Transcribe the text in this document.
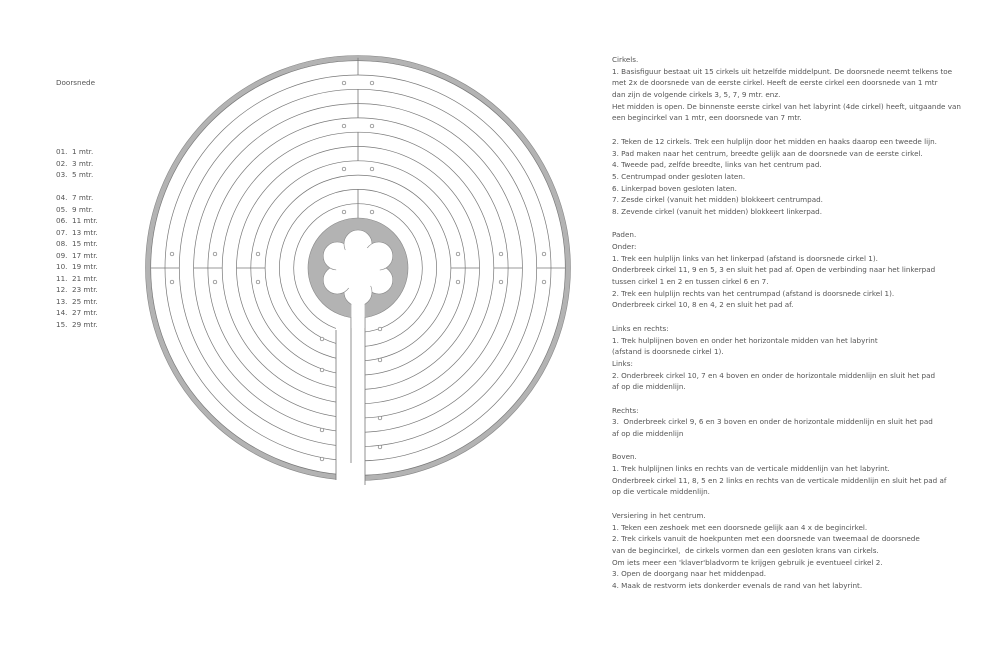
Doorsnede

01.  1 mtr.
02.  3 mtr.
03.  5 mtr.
04.  7 mtr.
05.  9 mtr.
06.  11 mtr.
07.  13 mtr.
08.  15 mtr.
09.  17 mtr.
10.  19 mtr.
11.  21 mtr.
12.  23 mtr.
13.  25 mtr.
14.  27 mtr.
15.  29 mtr.

Cirkels.
1. Basisfiguur bestaat uit 15 cirkels uit hetzelfde middelpunt. De doorsnede neemt telkens toe
met 2x de doorsnede van de eerste cirkel. Heeft de eerste cirkel een doorsnede van 1 mtr
dan zijn de volgende cirkels 3, 5, 7, 9 mtr. enz.
Het midden is open. De binnenste eerste cirkel van het labyrint (4de cirkel) heeft, uitgaande van
een begincirkel van 1 mtr, een doorsnede van 7 mtr.
2. Teken de 12 cirkels. Trek een hulplijn door het midden en haaks daarop een tweede lijn.
3. Pad maken naar het centrum, breedte gelijk aan de doorsnede van de eerste cirkel.
4. Tweede pad, zelfde breedte, links van het centrum pad.
5. Centrumpad onder gesloten laten.
6. Linkerpad boven gesloten laten.
7. Zesde cirkel (vanuit het midden) blokkeert centrumpad.
8. Zevende cirkel (vanuit het midden) blokkeert linkerpad.
Paden.
Onder:
1. Trek een hulplijn links van het linkerpad (afstand is doorsnede cirkel 1).
Onderbreek cirkel 11, 9 en 5, 3 en sluit het pad af. Open de verbinding naar het linkerpad
tussen cirkel 1 en 2 en tussen cirkel 6 en 7.
2. Trek een hulplijn rechts van het centrumpad (afstand is doorsnede cirkel 1).
Onderbreek cirkel 10, 8 en 4, 2 en sluit het pad af.
Links en rechts:
1. Trek hulplijnen boven en onder het horizontale midden van het labyrint
(afstand is doorsnede cirkel 1).
Links:
2. Onderbreek cirkel 10, 7 en 4 boven en onder de horizontale middenlijn en sluit het pad
af op die middenlijn.
Rechts:
3.  Onderbreek cirkel 9, 6 en 3 boven en onder de horizontale middenlijn en sluit het pad
af op die middenlijn
Boven.
1. Trek hulplijnen links en rechts van de verticale middenlijn van het labyrint.
Onderbreek cirkel 11, 8, 5 en 2 links en rechts van de verticale middenlijn en sluit het pad af
op die verticale middenlijn.
Versiering in het centrum.
1. Teken een zeshoek met een doorsnede gelijk aan 4 x de begincirkel.
2. Trek cirkels vanuit de hoekpunten met een doorsnede van tweemaal de doorsnede
van de begincirkel,  de cirkels vormen dan een gesloten krans van cirkels.
Om iets meer een 'klaver'bladvorm te krijgen gebruik je eventueel cirkel 2.
3. Open de doorgang naar het middenpad.
4. Maak de restvorm iets donkerder evenals de rand van het labyrint.
